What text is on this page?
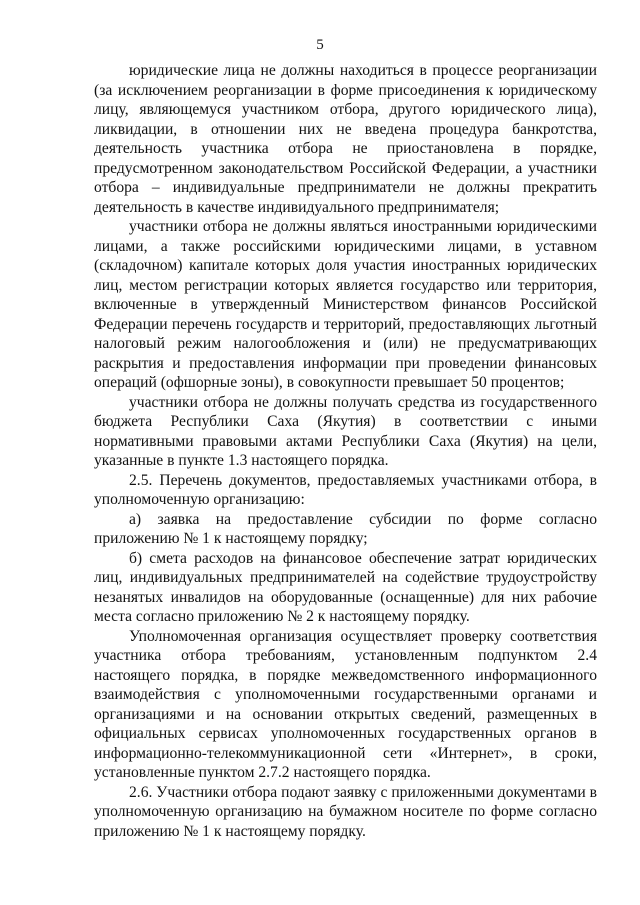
5

юридические лица не должны находиться в процессе реорганизации (за исключением реорганизации в форме присоединения к юридическому лицу, являющемуся участником отбора, другого юридического лица), ликвидации, в отношении них не введена процедура банкротства, деятельность участника отбора не приостановлена в порядке, предусмотренном законодательством Российской Федерации, а участники отбора – индивидуальные предприниматели не должны прекратить деятельность в качестве индивидуального предпринимателя;

участники отбора не должны являться иностранными юридическими лицами, а также российскими юридическими лицами, в уставном (складочном) капитале которых доля участия иностранных юридических лиц, местом регистрации которых является государство или территория, включенные в утвержденный Министерством финансов Российской Федерации перечень государств и территорий, предоставляющих льготный налоговый режим налогообложения и (или) не предусматривающих раскрытия и предоставления информации при проведении финансовых операций (офшорные зоны), в совокупности превышает 50 процентов;

участники отбора не должны получать средства из государственного бюджета Республики Саха (Якутия) в соответствии с иными нормативными правовыми актами Республики Саха (Якутия) на цели, указанные в пункте 1.3 настоящего порядка.

2.5. Перечень документов, предоставляемых участниками отбора, в уполномоченную организацию:

а) заявка на предоставление субсидии по форме согласно приложению № 1 к настоящему порядку;

б) смета расходов на финансовое обеспечение затрат юридических лиц, индивидуальных предпринимателей на содействие трудоустройству незанятых инвалидов на оборудованные (оснащенные) для них рабочие места согласно приложению № 2 к настоящему порядку.

Уполномоченная организация осуществляет проверку соответствия участника отбора требованиям, установленным подпунктом 2.4 настоящего порядка, в порядке межведомственного информационного взаимодействия с уполномоченными государственными органами и организациями и на основании открытых сведений, размещенных в официальных сервисах уполномоченных государственных органов в информационно-телекоммуникационной сети «Интернет», в сроки, установленные пунктом 2.7.2 настоящего порядка.

2.6. Участники отбора подают заявку с приложенными документами в уполномоченную организацию на бумажном носителе по форме согласно приложению № 1 к настоящему порядку.
